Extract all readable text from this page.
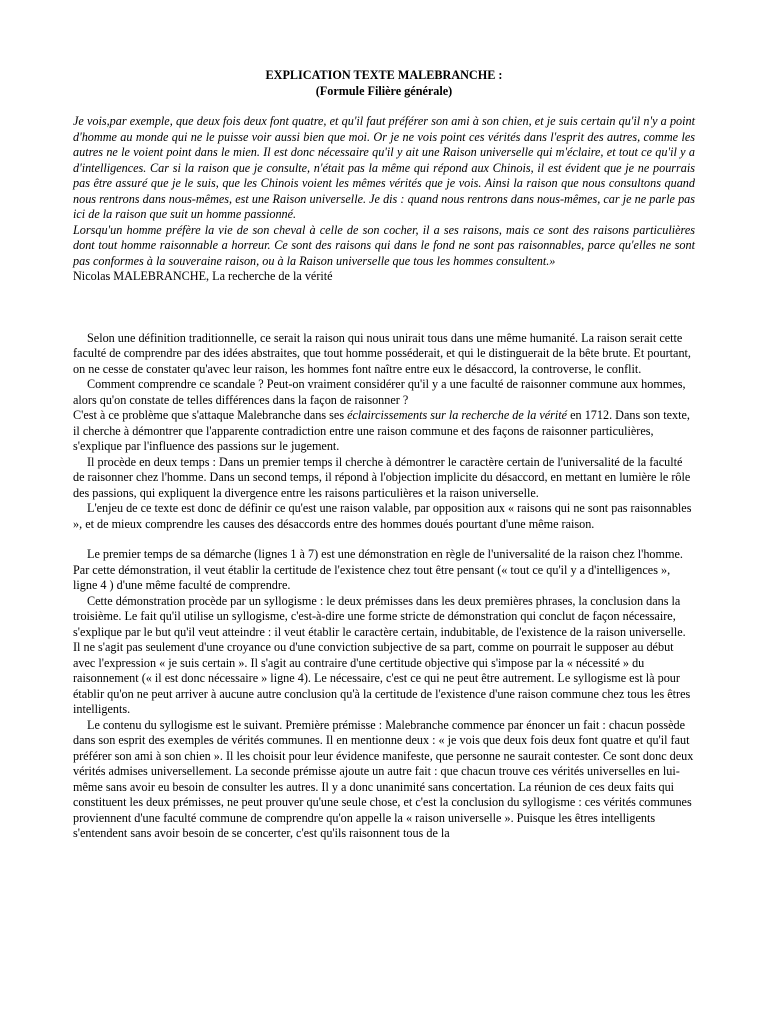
EXPLICATION TEXTE MALEBRANCHE :

(Formule Filière générale)

Je vois,par exemple, que deux fois deux font quatre, et qu'il faut préférer son ami à son chien, et je suis certain qu'il n'y a point d'homme au monde qui ne le puisse voir aussi bien que moi. Or je ne vois point ces vérités dans l'esprit des autres, comme les autres ne le voient point dans le mien. Il est donc nécessaire qu'il y ait une Raison universelle qui m'éclaire, et tout ce qu'il y a d'intelligences. Car si la raison que je consulte, n'était pas la même qui répond aux Chinois, il est évident que je ne pourrais pas être assuré que je le suis, que les Chinois voient les mêmes vérités que je vois. Ainsi la raison que nous consultons quand nous rentrons dans nous-mêmes, est une Raison universelle. Je dis : quand nous rentrons dans nous-mêmes, car je ne parle pas ici de la raison que suit un homme passionné.

Lorsqu'un homme préfère la vie de son cheval à celle de son cocher, il a ses raisons, mais ce sont des raisons particulières dont tout homme raisonnable a horreur. Ce sont des raisons qui dans le fond ne sont pas raisonnables, parce qu'elles ne sont pas conformes à la souveraine raison, ou à la Raison universelle que tous les hommes consultent.»

Nicolas MALEBRANCHE, La recherche de la vérité

Selon une définition traditionnelle, ce serait la raison qui nous unirait tous dans une même humanité. La raison serait cette faculté de comprendre par des idées abstraites, que tout homme posséderait, et qui le distinguerait de la bête brute. Et pourtant, on ne cesse de constater qu'avec leur raison, les hommes font naître entre eux le désaccord, la controverse, le conflit.

Comment comprendre ce scandale ? Peut-on vraiment considérer qu'il y a une faculté de raisonner commune aux hommes, alors qu'on constate de telles différences dans la façon de raisonner ?

C'est à ce problème que s'attaque Malebranche dans ses éclaircissements sur la recherche de la vérité en 1712. Dans son texte, il cherche à démontrer que l'apparente contradiction entre une raison commune et des façons de raisonner particulières, s'explique par l'influence des passions sur le jugement.

Il procède en deux temps : Dans un premier temps il cherche à démontrer le caractère certain de l'universalité de la faculté de raisonner chez l'homme. Dans un second temps, il répond à l'objection implicite du désaccord, en mettant en lumière le rôle des passions, qui expliquent la divergence entre les raisons particulières et la raison universelle.

L'enjeu de ce texte est donc de définir ce qu'est une raison valable, par opposition aux « raisons qui ne sont pas raisonnables », et de mieux comprendre les causes des désaccords entre des hommes doués pourtant d'une même raison.

Le premier temps de sa démarche (lignes 1 à 7) est une démonstration en règle de l'universalité de la raison chez l'homme. Par cette démonstration, il veut établir la certitude de l'existence chez tout être pensant (« tout ce qu'il y a d'intelligences », ligne 4 ) d'une même faculté de comprendre.

Cette démonstration procède par un syllogisme : le deux prémisses dans les deux premières phrases, la conclusion dans la troisième. Le fait qu'il utilise un syllogisme, c'est-à-dire une forme stricte de démonstration qui conclut de façon nécessaire, s'explique par le but qu'il veut atteindre : il veut établir le caractère certain, indubitable, de l'existence de la raison universelle. Il ne s'agit pas seulement d'une croyance ou d'une conviction subjective de sa part, comme on pourrait le supposer au début avec l'expression « je suis certain ». Il s'agit au contraire d'une certitude objective qui s'impose par la « nécessité » du raisonnement (« il est donc nécessaire » ligne 4). Le nécessaire, c'est ce qui ne peut être autrement. Le syllogisme est là pour établir qu'on ne peut arriver à aucune autre conclusion qu'à la certitude de l'existence d'une raison commune chez tous les êtres intelligents.

Le contenu du syllogisme est le suivant. Première prémisse : Malebranche commence par énoncer un fait : chacun possède dans son esprit des exemples de vérités communes. Il en mentionne deux : « je vois que deux fois deux font quatre et qu'il faut préférer son ami à son chien ». Il les choisit pour leur évidence manifeste, que personne ne saurait contester. Ce sont donc deux vérités admises universellement. La seconde prémisse ajoute un autre fait : que chacun trouve ces vérités universelles en lui-même sans avoir eu besoin de consulter les autres. Il y a donc unanimité sans concertation. La réunion de ces deux faits qui constituent les deux prémisses, ne peut prouver qu'une seule chose, et c'est la conclusion du syllogisme : ces vérités communes proviennent d'une faculté commune de comprendre qu'on appelle la « raison universelle ». Puisque les êtres intelligents s'entendent sans avoir besoin de se concerter, c'est qu'ils raisonnent tous de la
